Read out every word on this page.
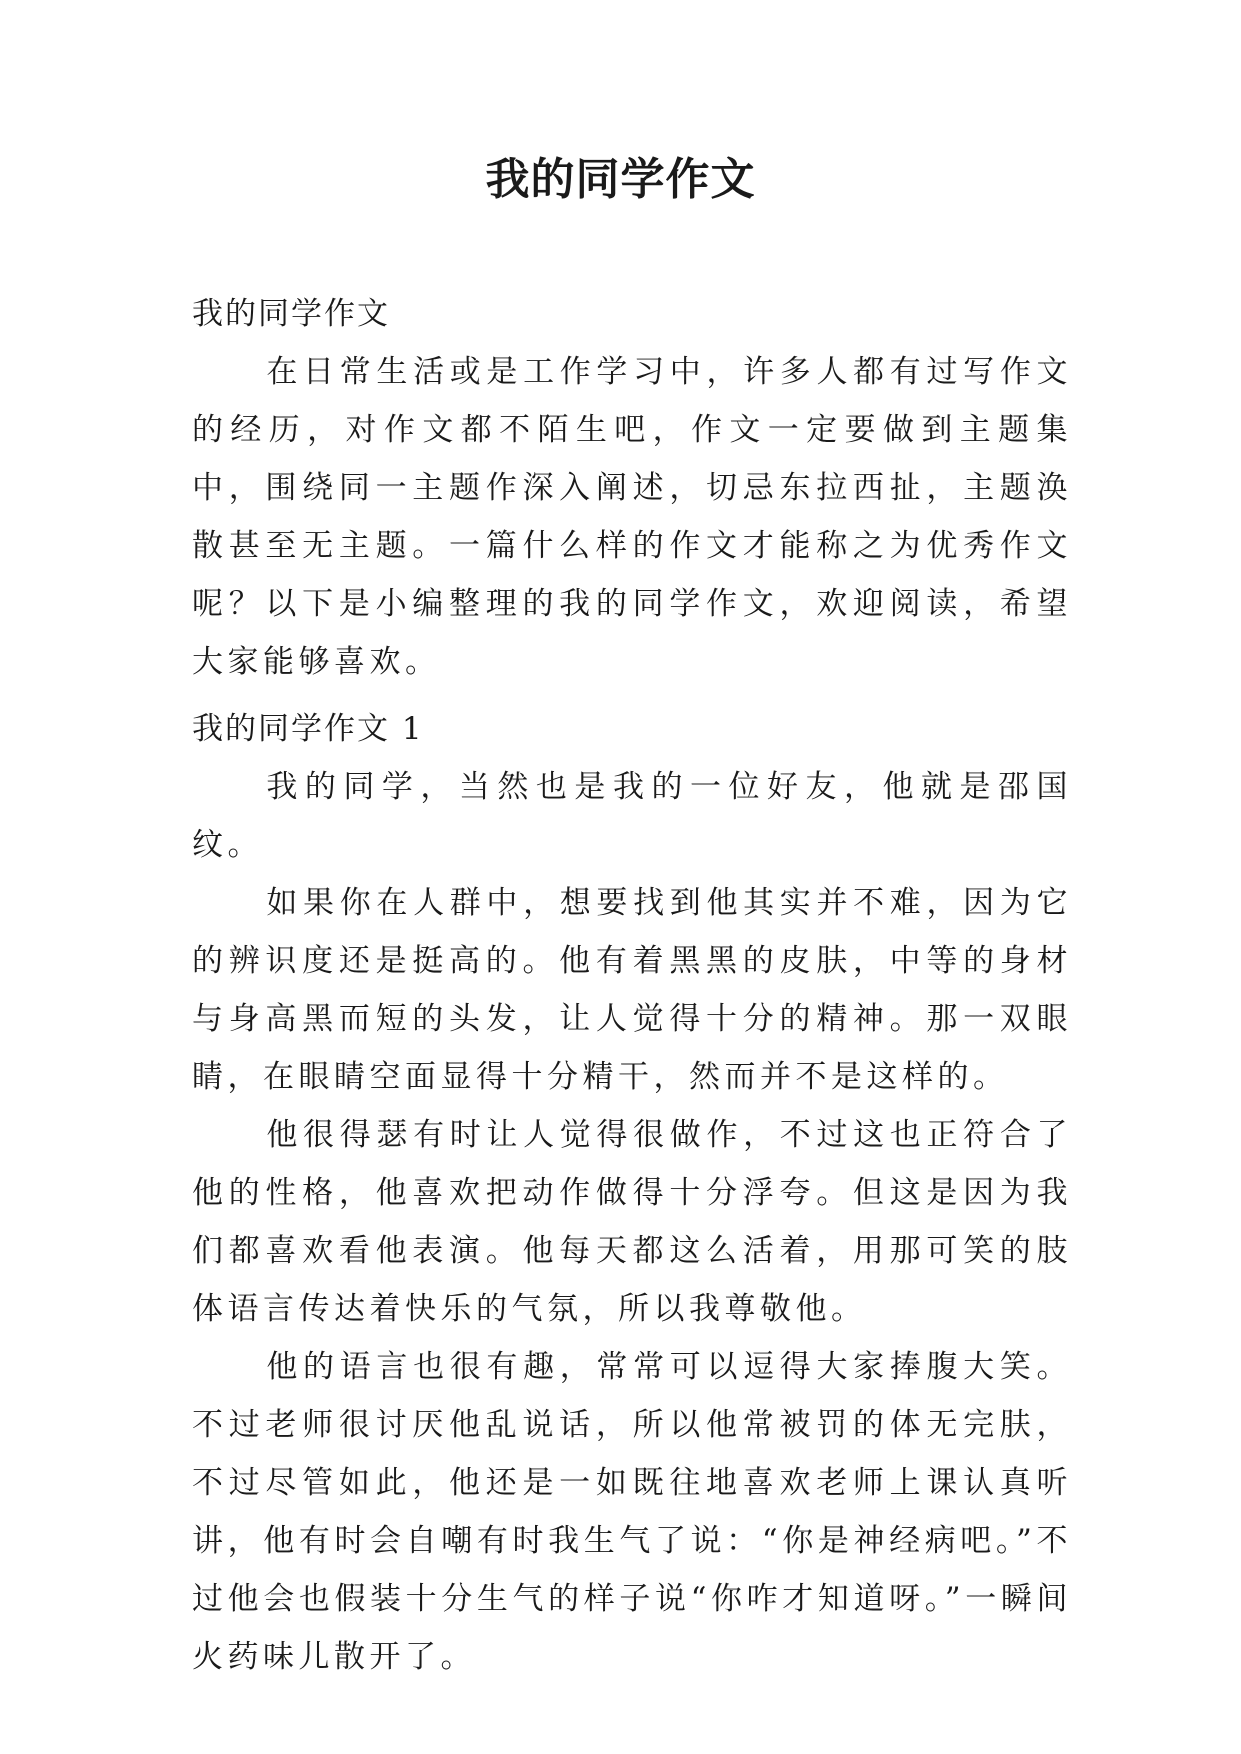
我的同学作文

我的同学作文

在日常生活或是工作学习中，许多人都有过写作文的经历，对作文都不陌生吧，作文一定要做到主题集中，围绕同一主题作深入阐述，切忌东拉西扯，主题涣散甚至无主题。一篇什么样的作文才能称之为优秀作文呢？以下是小编整理的我的同学作文，欢迎阅读，希望大家能够喜欢。

我的同学作文 1

我的同学，当然也是我的一位好友，他就是邵国纹。

如果你在人群中，想要找到他其实并不难，因为它的辨识度还是挺高的。他有着黑黑的皮肤，中等的身材与身高黑而短的头发，让人觉得十分的精神。那一双眼睛，在眼睛空面显得十分精干，然而并不是这样的。

他很得瑟有时让人觉得很做作，不过这也正符合了他的性格，他喜欢把动作做得十分浮夸。但这是因为我们都喜欢看他表演。他每天都这么活着，用那可笑的肢体语言传达着快乐的气氛，所以我尊敬他。

他的语言也很有趣，常常可以逗得大家捧腹大笑。不过老师很讨厌他乱说话，所以他常被罚的体无完肤，不过尽管如此，他还是一如既往地喜欢老师上课认真听讲，他有时会自嘲有时我生气了说：“你是神经病吧。”不过他会也假装十分生气的样子说“你咋才知道呀。”一瞬间火药味儿散开了。
